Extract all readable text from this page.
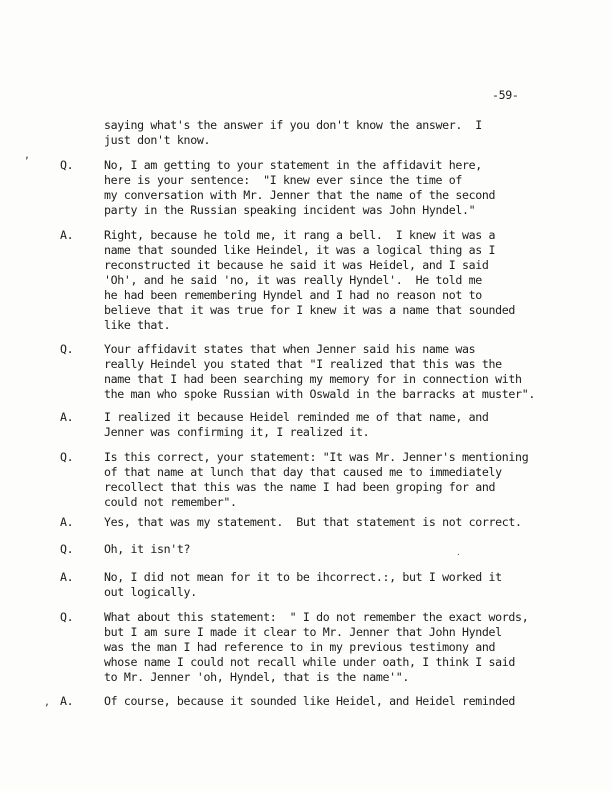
-59-
saying what's the answer if you don't know the answer.  I
just don't know.
,
,
.
Q.	No, I am getting to your statement in the affidavit here,
here is your sentence:  "I knew ever since the time of
my conversation with Mr. Jenner that the name of the second
party in the Russian speaking incident was John Hyndel."
A.	Right, because he told me, it rang a bell.  I knew it was a
name that sounded like Heindel, it was a logical thing as I
reconstructed it because he said it was Heidel, and I said
'Oh', and he said 'no, it was really Hyndel'.  He told me
he had been remembering Hyndel and I had no reason not to
believe that it was true for I knew it was a name that sounded
like that.
Q.	Your affidavit states that when Jenner said his name was
really Heindel you stated that "I realized that this was the
name that I had been searching my memory for in connection with
the man who spoke Russian with Oswald in the barracks at muster".
A.	I realized it because Heidel reminded me of that name, and
Jenner was confirming it, I realized it.
Q.	Is this correct, your statement: "It was Mr. Jenner's mentioning
of that name at lunch that day that caused me to immediately
recollect that this was the name I had been groping for and
could not remember".
A.	Yes, that was my statement.  But that statement is not correct.
Q.	Oh, it isn't?
A.	No, I did not mean for it to be ihcorrect.:, but I worked it
out logically.
Q.	What about this statement:  " I do not remember the exact words,
but I am sure I made it clear to Mr. Jenner that John Hyndel
was the man I had reference to in my previous testimony and
whose name I could not recall while under oath, I think I said
to Mr. Jenner 'oh, Hyndel, that is the name'".
A.	Of course, because it sounded like Heidel, and Heidel reminded
